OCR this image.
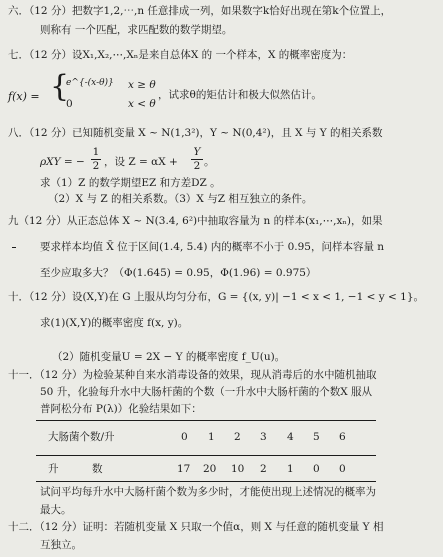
六．（12 分）把数字1,2,⋯,n 任意排成一列，如果数字k恰好出现在第k个位置上，
则称有 一个匹配，求匹配数的数学期望。
七．（12 分）设X₁,X₂,⋯,Xₙ是来自总体X 的 一个样本，X 的概率密度为：
f(x) = {
e^{-(x-θ)} x ≥ θ
0	x < θ
，试求θ的矩估计和极大似然估计。
八．（12 分）已知随机变量 X ~ N(1,3²)，Y ~ N(0,4²)，且 X 与 Y 的相关系数
ρXY = −
1
2 ，设 Z = αX +
Y
2 。
求（1）Z 的数学期望EZ 和方差DZ 。
（2）X 与 Z 的相关系数。（3）X 与Z 相互独立的条件。
九（12 分）从正态总体 X ~ N(3.4, 6²)中抽取容量为 n 的样本(x₁,⋯,xₙ)，如果
要求样本均值 X̄ 位于区间(1.4, 5.4) 内的概率不小于 0.95，问样本容量 n
至少应取多大？（Φ(1.645) = 0.95，Φ(1.96) = 0.975）
十．（12 分）设(X,Y)在 G 上服从均匀分布，G = {(x, y)| −1 < x < 1, −1 < y < 1}。
求(1)(X,Y)的概率密度 f(x, y)。
（2）随机变量U = 2X − Y 的概率密度 f_U(u)。
十一．（12 分）为检验某种自来水消毒设备的效果，现从消毒后的水中随机抽取
50 升，化验每升水中大肠杆菌的个数（一升水中大肠杆菌的个数X 服从
普阿松分布 P(λ)）化验结果如下：
大肠菌个数/升	0 1 2 3 4 5 6
升	数	17 20 10 2 1 0 0
试问平均每升水中大肠杆菌个数为多少时，才能使出现上述情况的概率为
最大。
十二．（12 分）证明：若随机变量 X 只取一个值α，则 X 与任意的随机变量 Y 相
互独立。
